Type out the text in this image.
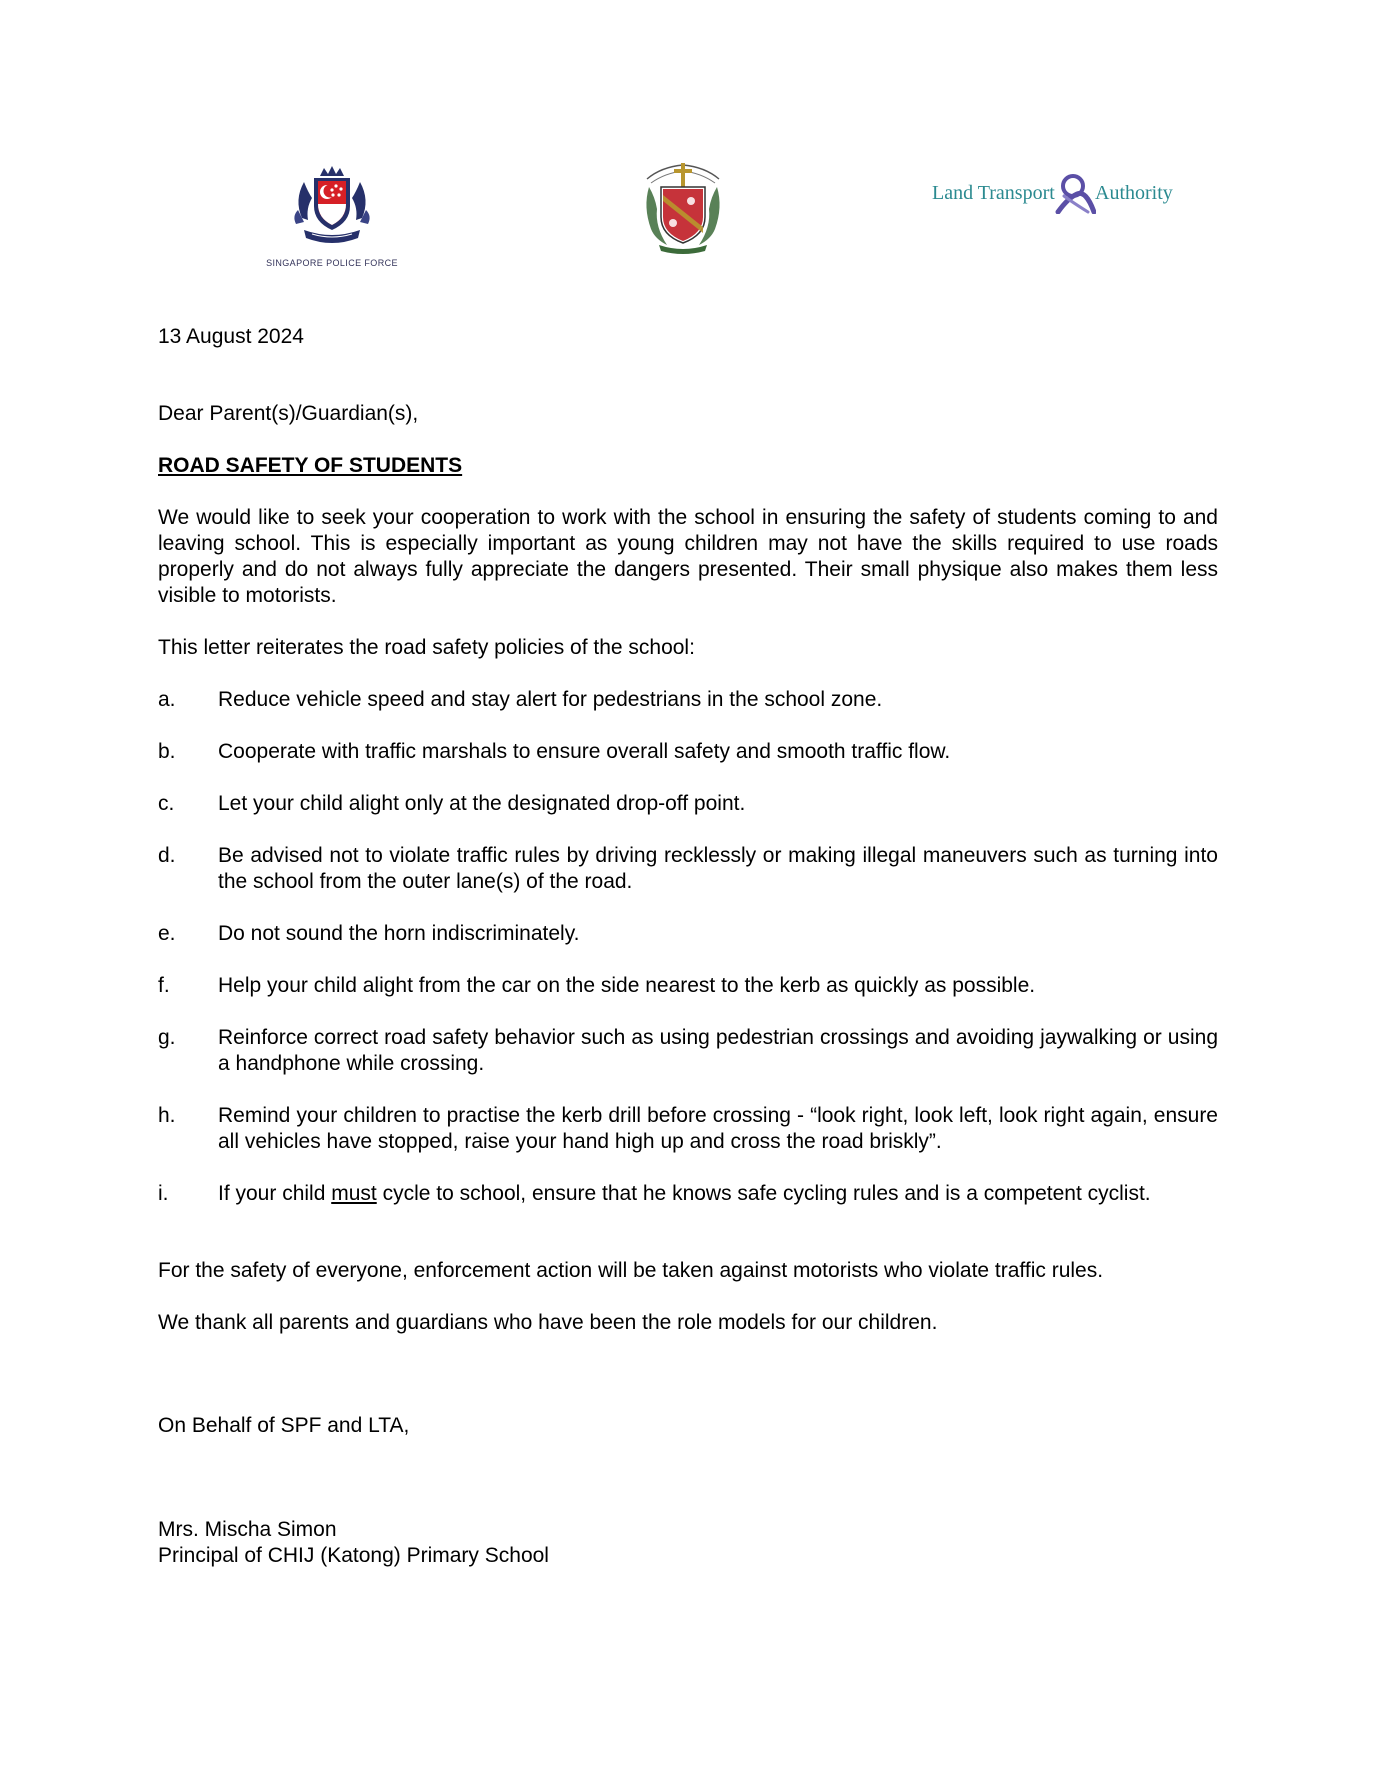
SINGAPORE POLICE FORCE
Land Transport Authority

13 August 2024

Dear Parent(s)/Guardian(s),

ROAD SAFETY OF STUDENTS

We would like to seek your cooperation to work with the school in ensuring the safety of students coming to and leaving school. This is especially important as young children may not have the skills required to use roads properly and do not always fully appreciate the dangers presented. Their small physique also makes them less visible to motorists.

This letter reiterates the road safety policies of the school:

a.	Reduce vehicle speed and stay alert for pedestrians in the school zone.
b.	Cooperate with traffic marshals to ensure overall safety and smooth traffic flow.
c.	Let your child alight only at the designated drop-off point.
d.	Be advised not to violate traffic rules by driving recklessly or making illegal maneuvers such as turning into the school from the outer lane(s) of the road.
e.	Do not sound the horn indiscriminately.
f.	Help your child alight from the car on the side nearest to the kerb as quickly as possible.
g.	Reinforce correct road safety behavior such as using pedestrian crossings and avoiding jaywalking or using a handphone while crossing.
h.	Remind your children to practise the kerb drill before crossing - “look right, look left, look right again, ensure all vehicles have stopped, raise your hand high up and cross the road briskly”.
i.	If your child must cycle to school, ensure that he knows safe cycling rules and is a competent cyclist.

For the safety of everyone, enforcement action will be taken against motorists who violate traffic rules.

We thank all parents and guardians who have been the role models for our children.

On Behalf of SPF and LTA,

Mrs. Mischa Simon

Principal of CHIJ (Katong) Primary School
